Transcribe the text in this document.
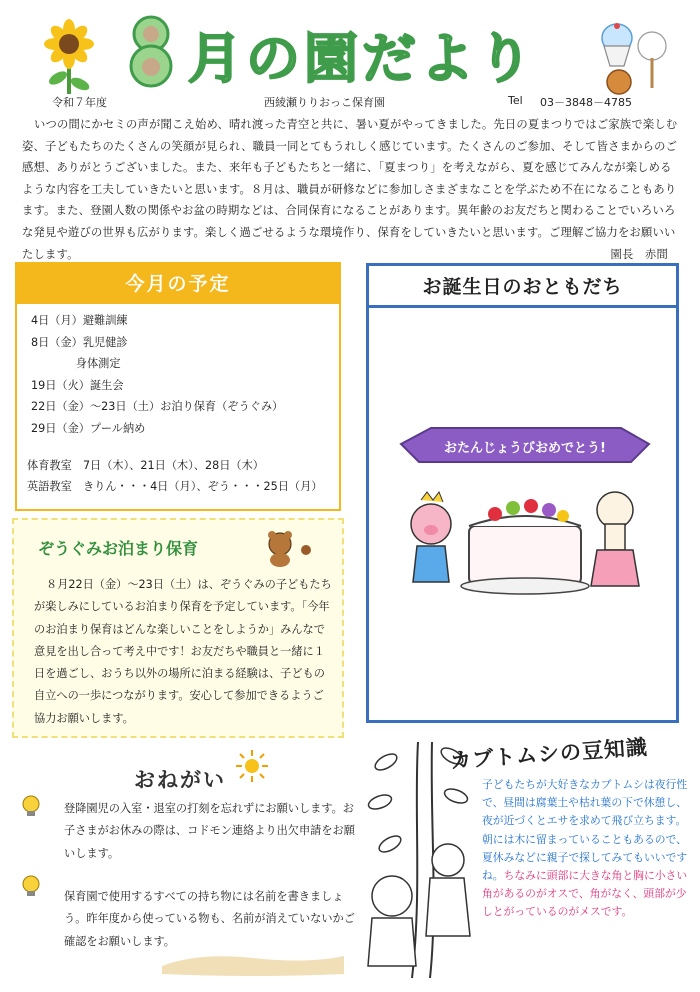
月の園だより
令和７年度	西綾瀬りりおっこ保育園	Tel 03－3848－4785

いつの間にかセミの声が聞こえ始め、晴れ渡った青空と共に、暑い夏がやってきました。先日の夏まつりではご家族で楽しむ姿、子どもたちのたくさんの笑顔が見られ、職員一同とてもうれしく感じています。たくさんのご参加、そして皆さまからのご感想、ありがとうございました。また、来年も子どもたちと一緒に、「夏まつり」を考えながら、夏を感じてみんなが楽しめるような内容を工夫していきたいと思います。８月は、職員が研修などに参加しさまざまなことを学ぶため不在になることもあります。また、登園人数の関係やお盆の時期などは、合同保育になることがあります。異年齢のお友だちと関わることでいろいろな発見や遊びの世界も広がります。楽しく過ごせるような環境作り、保育をしていきたいと思います。ご理解ご協力をお願いいたします。	園長　赤間
今月の予定
4日（月）避難訓練
8日（金）乳児健診
　　　　身体測定
19日（火）誕生会
22日（金）～23日（土）お泊り保育（ぞうぐみ）
29日（金）プール納め
体育教室　7日（木）、21日（木）、28日（木）
英語教室　きりん・・・4日（月）、ぞう・・・25日（月）
お誕生日のおともだち
おたんじょうびおめでとう!
ぞうぐみお泊まり保育
８月22日（金）～23日（土）は、ぞうぐみの子どもたちが楽しみにしているお泊まり保育を予定しています。「今年のお泊まり保育はどんな楽しいことをしようか」みんなで意見を出し合って考え中です！お友だちや職員と一緒に１日を過ごし、おうち以外の場所に泊まる経験は、子どもの自立への一歩につながります。安心して参加できるようご協力お願いします。
おねがい
登降園児の入室・退室の打刻を忘れずにお願いします。お子さまがお休みの際は、コドモン連絡より出欠申請をお願いします。
保育園で使用するすべての持ち物には名前を書きましょう。昨年度から使っている物も、名前が消えていないかご確認をお願いします。
カブトムシの豆知識
子どもたちが大好きなカブトムシは夜行性で、昼間は腐葉土や枯れ葉の下で休憩し、夜が近づくとエサを求めて飛び立ちます。朝には木に留まっていることもあるので、夏休みなどに親子で探してみてもいいですね。ちなみに頭部に大きな角と胸に小さい角があるのがオスで、角がなく、頭部が少しとがっているのがメスです。
